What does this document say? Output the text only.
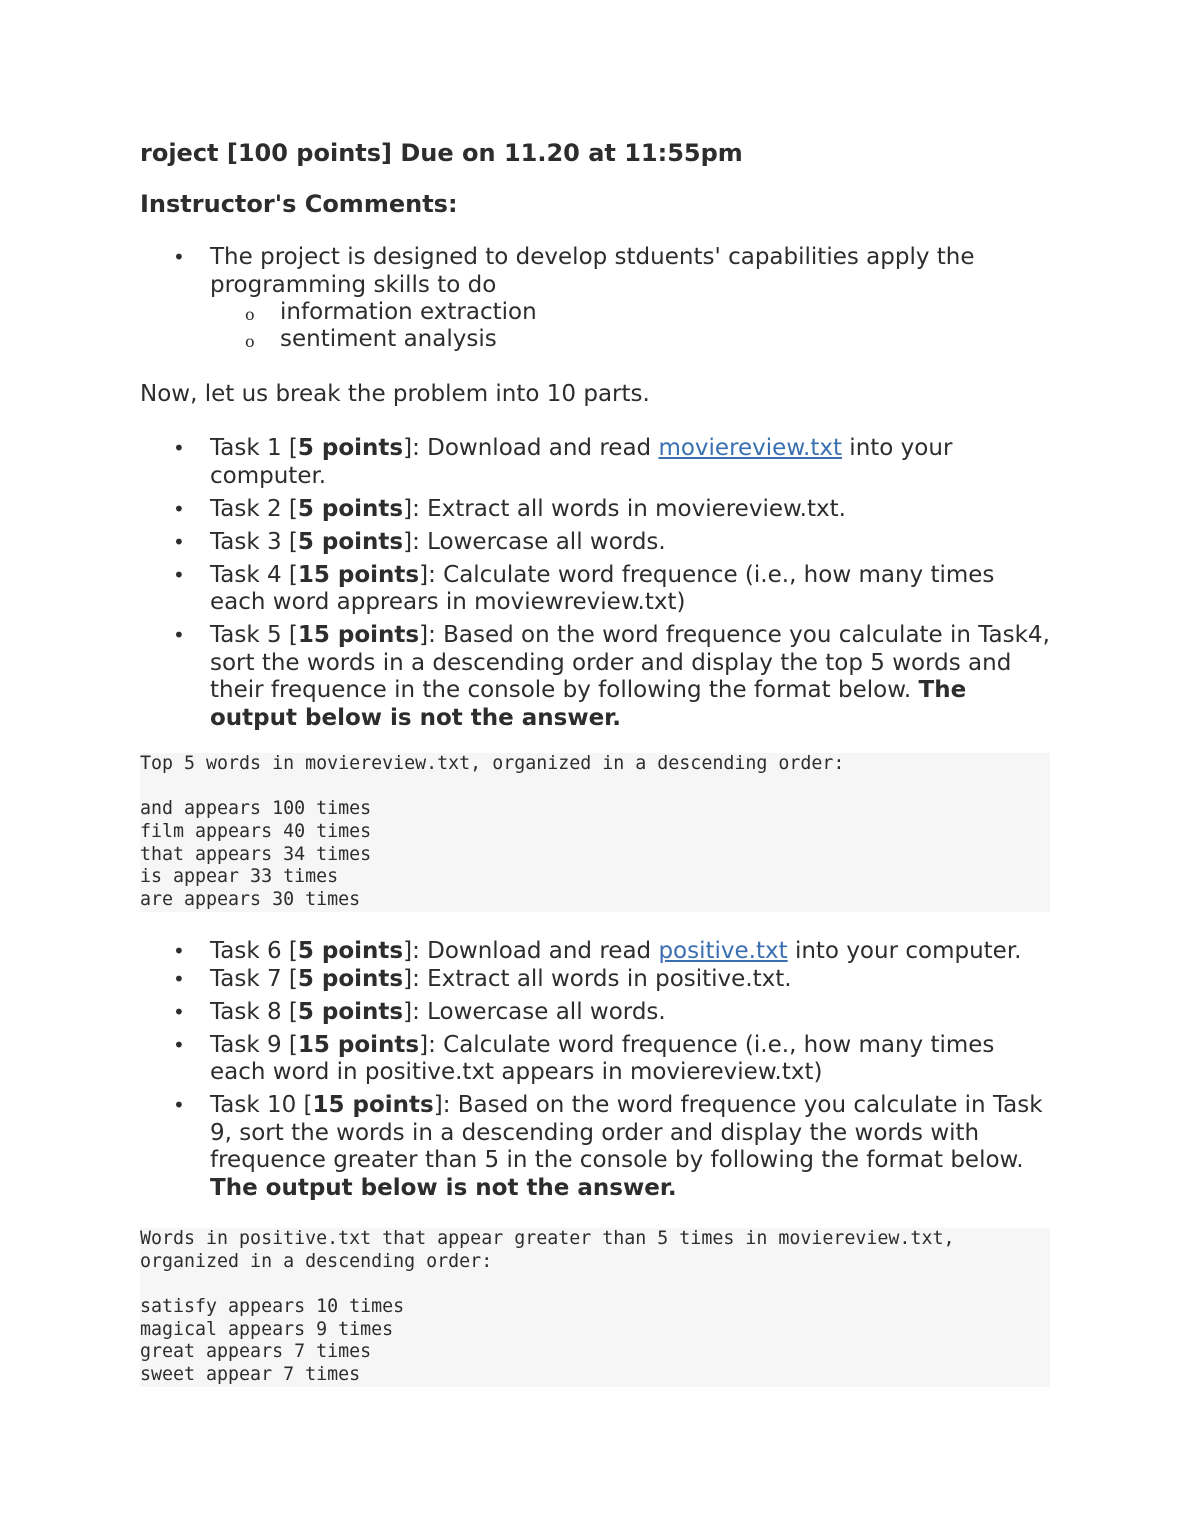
roject [100 points] Due on 11.20 at 11:55pm
Instructor's Comments:
• The project is designed to develop stduents' capabilities apply the programming skills to do
o information extraction
o sentiment analysis

Now, let us break the problem into 10 parts.

• Task 1 [5 points]: Download and read moviereview.txt into your computer.
• Task 2 [5 points]: Extract all words in moviereview.txt.
• Task 3 [5 points]: Lowercase all words.
• Task 4 [15 points]: Calculate word frequence (i.e., how many times each word apprears in moviewreview.txt)
• Task 5 [15 points]: Based on the word frequence you calculate in Task4, sort the words in a descending order and display the top 5 words and their frequence in the console by following the format below. The output below is not the answer.
Top 5 words in moviereview.txt, organized in a descending order:
and appears 100 times
film appears 40 times
that appears 34 times
is appear 33 times
are appears 30 times
• Task 6 [5 points]: Download and read positive.txt into your computer.
• Task 7 [5 points]: Extract all words in positive.txt.
• Task 8 [5 points]: Lowercase all words.
• Task 9 [15 points]: Calculate word frequence (i.e., how many times each word in positive.txt appears in moviereview.txt)
• Task 10 [15 points]: Based on the word frequence you calculate in Task 9, sort the words in a descending order and display the words with frequence greater than 5 in the console by following the format below. The output below is not the answer.
Words in positive.txt that appear greater than 5 times in moviereview.txt,
organized in a descending order:
satisfy appears 10 times
magical appears 9 times
great appears 7 times
sweet appear 7 times
